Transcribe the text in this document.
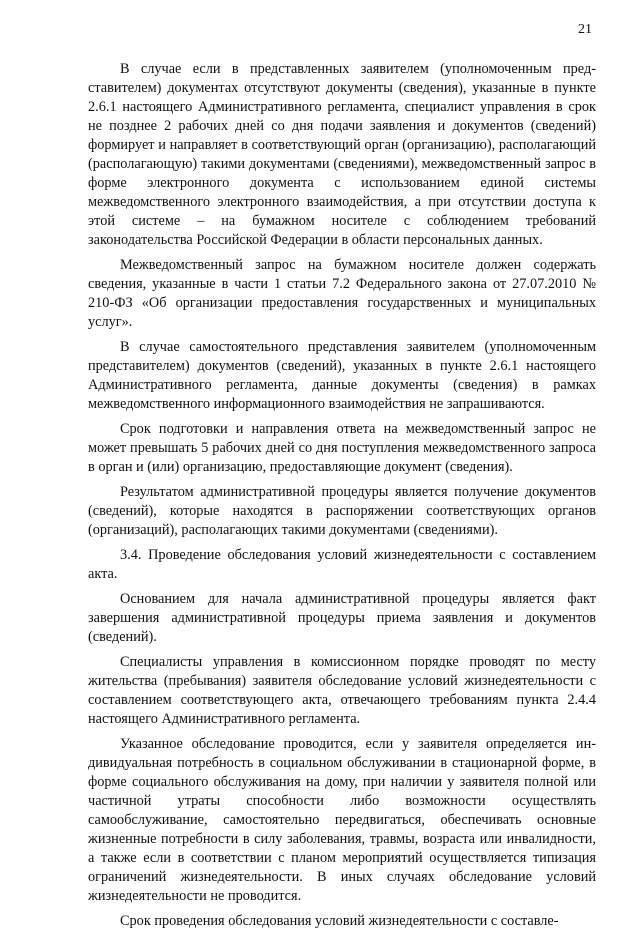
21

В случае если в представленных заявителем (уполномоченным представителем) документах отсутствуют документы (сведения), указанные в пункте 2.6.1 настоящего Административного регламента, специалист управления в срок не позднее 2 рабочих дней со дня подачи заявления и документов (сведений) формирует и направляет в соответствующий орган (организацию), располагающий (располагающую) такими документами (сведениями), межведомственный запрос в форме электронного документа с использованием единой системы межведомственного электронного взаимодействия, а при отсутствии доступа к этой системе – на бумажном носителе с соблюдением требований законодательства Российской Федерации в области персональных данных.

Межведомственный запрос на бумажном носителе должен содержать сведения, указанные в части 1 статьи 7.2 Федерального закона от 27.07.2010 № 210-ФЗ «Об организации предоставления государственных и муниципальных услуг».

В случае самостоятельного представления заявителем (уполномоченным представителем) документов (сведений), указанных в пункте 2.6.1 настоящего Административного регламента, данные документы (сведения) в рамках межведомственного информационного взаимодействия не запрашиваются.

Срок подготовки и направления ответа на межведомственный запрос не может превышать 5 рабочих дней со дня поступления межведомственного запроса в орган и (или) организацию, предоставляющие документ (сведения).

Результатом административной процедуры является получение документов (сведений), которые находятся в распоряжении соответствующих органов (организаций), располагающих такими документами (сведениями).

3.4. Проведение обследования условий жизнедеятельности с составлением акта.

Основанием для начала административной процедуры является факт завершения административной процедуры приема заявления и документов (сведений).

Специалисты управления в комиссионном порядке проводят по месту жительства (пребывания) заявителя обследование условий жизнедеятельности с составлением соответствующего акта, отвечающего требованиям пункта 2.4.4 настоящего Административного регламента.

Указанное обследование проводится, если у заявителя определяется индивидуальная потребность в социальном обслуживании в стационарной форме, в форме социального обслуживания на дому, при наличии у заявителя полной или частичной утраты способности либо возможности осуществлять самообслуживание, самостоятельно передвигаться, обеспечивать основные жизненные потребности в силу заболевания, травмы, возраста или инвалидности, а также если в соответствии с планом мероприятий осуществляется типизация ограничений жизнедеятельности. В иных случаях обследование условий жизнедеятельности не проводится.

Срок проведения обследования условий жизнедеятельности с составле-
